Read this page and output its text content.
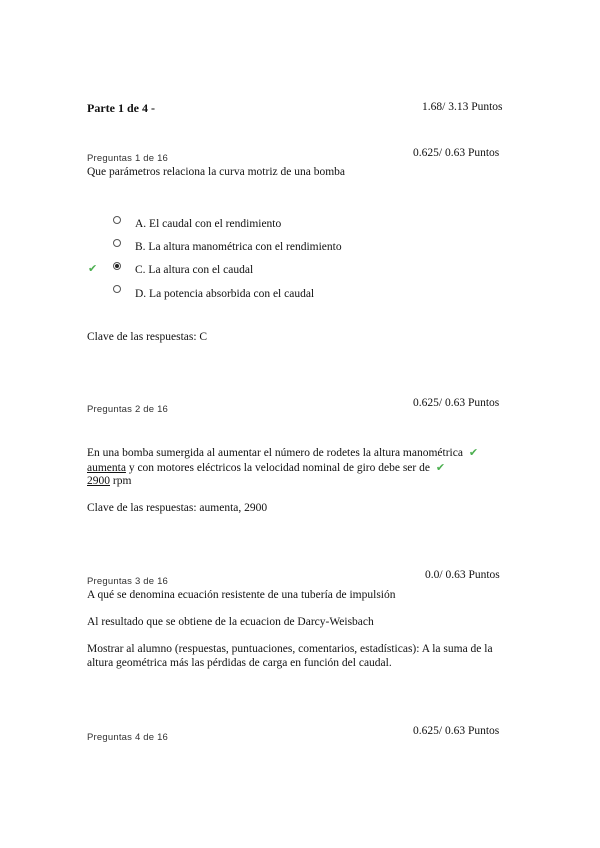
Parte 1 de 4 -	1.68/ 3.13 Puntos
Preguntas 1 de 16	0.625/ 0.63 Puntos
Que parámetros relaciona la curva motriz de una bomba
A. El caudal con el rendimiento
B. La altura manométrica con el rendimiento
✔	C. La altura con el caudal
D. La potencia absorbida con el caudal
Clave de las respuestas: C
Preguntas 2 de 16
0.625/ 0.63 Puntos
En una bomba sumergida al aumentar el número de rodetes la altura manométrica ✔
aumenta y con motores eléctricos la velocidad nominal de giro debe ser de ✔
2900 rpm
Clave de las respuestas: aumenta, 2900
Preguntas 3 de 16
0.0/ 0.63 Puntos
A qué se denomina ecuación resistente de una tubería de impulsión
Al resultado que se obtiene de la ecuacion de Darcy-Weisbach
Mostrar al alumno (respuestas, puntuaciones, comentarios, estadísticas): A la suma de la altura geométrica más las pérdidas de carga en función del caudal.
Preguntas 4 de 16
0.625/ 0.63 Puntos
